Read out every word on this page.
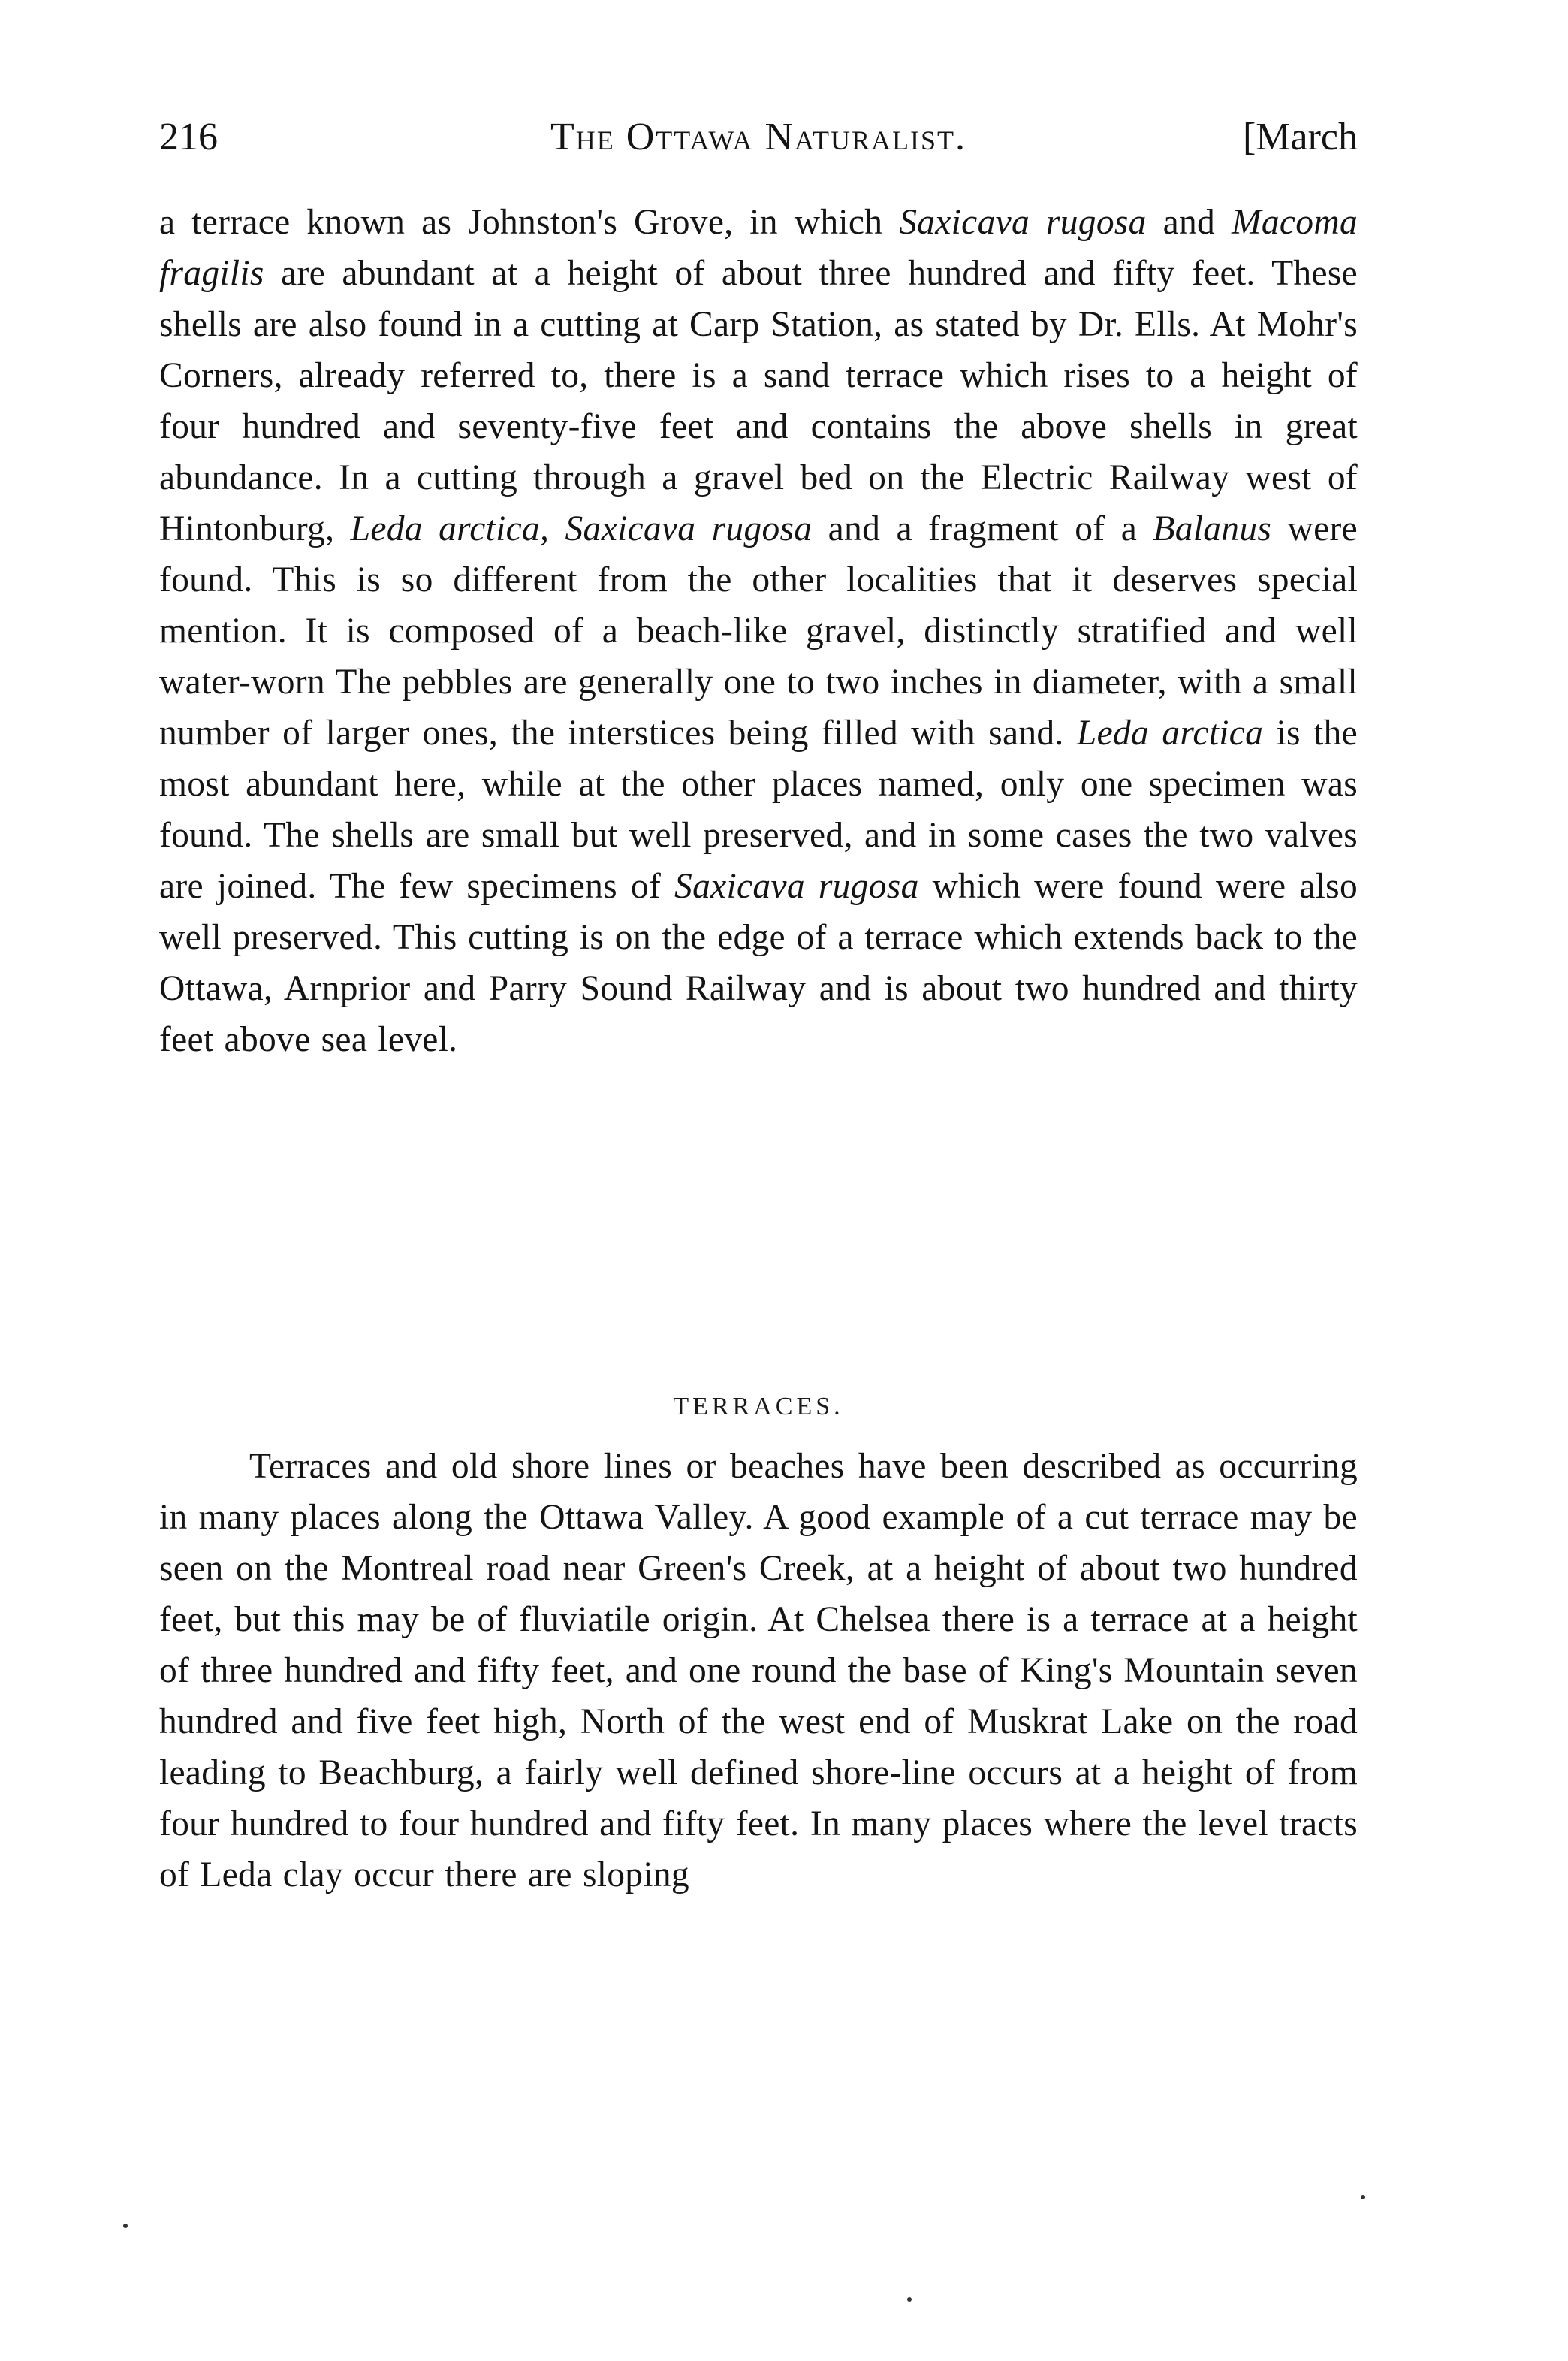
216	The Ottawa Naturalist.	[March

a terrace known as Johnston's Grove, in which Saxicava rugosa and Macoma fragilis are abundant at a height of about three hundred and fifty feet. These shells are also found in a cutting at Carp Station, as stated by Dr. Ells. At Mohr's Corners, already referred to, there is a sand terrace which rises to a height of four hundred and seventy-five feet and contains the above shells in great abundance. In a cutting through a gravel bed on the Electric Railway west of Hintonburg, Leda arctica, Saxicava rugosa and a fragment of a Balanus were found. This is so different from the other localities that it deserves special mention. It is composed of a beach-like gravel, distinctly stratified and well water-worn The pebbles are generally one to two inches in diameter, with a small number of larger ones, the interstices being filled with sand. Leda arctica is the most abundant here, while at the other places named, only one specimen was found. The shells are small but well preserved, and in some cases the two valves are joined. The few specimens of Saxicava rugosa which were found were also well preserved. This cutting is on the edge of a terrace which extends back to the Ottawa, Arnprior and Parry Sound Railway and is about two hundred and thirty feet above sea level.

TERRACES.

Terraces and old shore lines or beaches have been described as occurring in many places along the Ottawa Valley. A good example of a cut terrace may be seen on the Montreal road near Green's Creek, at a height of about two hundred feet, but this may be of fluviatile origin. At Chelsea there is a terrace at a height of three hundred and fifty feet, and one round the base of King's Mountain seven hundred and five feet high, North of the west end of Muskrat Lake on the road leading to Beachburg, a fairly well defined shore-line occurs at a height of from four hundred to four hundred and fifty feet. In many places where the level tracts of Leda clay occur there are sloping
